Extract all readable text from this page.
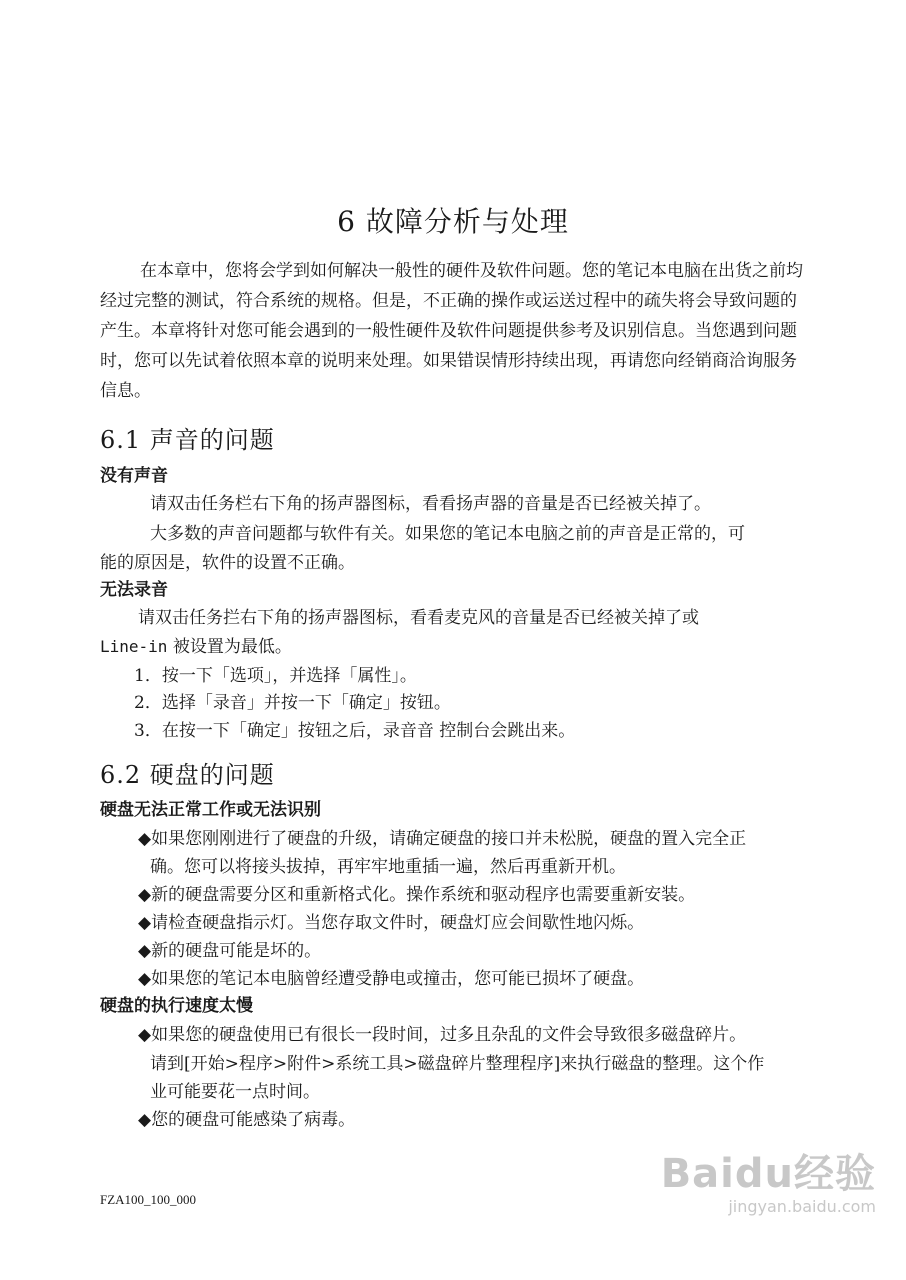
6 故障分析与处理
在本章中，您将会学到如何解决一般性的硬件及软件问题。您的笔记本电脑在出货之前均经过完整的测试，符合系统的规格。但是，不正确的操作或运送过程中的疏失将会导致问题的产生。本章将针对您可能会遇到的一般性硬件及软件问题提供参考及识别信息。当您遇到问题时，您可以先试着依照本章的说明来处理。如果错误情形持续出现，再请您向经销商洽询服务信息。
6.1 声音的问题
没有声音
请双击任务栏右下角的扬声器图标，看看扬声器的音量是否已经被关掉了。
大多数的声音问题都与软件有关。如果您的笔记本电脑之前的声音是正常的，可
能的原因是，软件的设置不正确。
无法录音
请双击任务拦右下角的扬声器图标，看看麦克风的音量是否已经被关掉了或
Line-in 被设置为最低。
1．按一下「选项」，并选择「属性」。
2．选择「录音」并按一下「确定」按钮。
3．在按一下「确定」按钮之后，录音音 控制台会跳出来。
6.2 硬盘的问题
硬盘无法正常工作或无法识别
◆如果您刚刚进行了硬盘的升级，请确定硬盘的接口并未松脱，硬盘的置入完全正
确。您可以将接头拔掉，再牢牢地重插一遍，然后再重新开机。
◆新的硬盘需要分区和重新格式化。操作系统和驱动程序也需要重新安装。
◆请检查硬盘指示灯。当您存取文件时，硬盘灯应会间歇性地闪烁。
◆新的硬盘可能是坏的。
◆如果您的笔记本电脑曾经遭受静电或撞击，您可能已损坏了硬盘。
硬盘的执行速度太慢
◆如果您的硬盘使用已有很长一段时间，过多且杂乱的文件会导致很多磁盘碎片。
请到[开始>程序>附件>系统工具>磁盘碎片整理程序]来执行磁盘的整理。这个作
业可能要花一点时间。
◆您的硬盘可能感染了病毒。
FZA100_100_000
Baidu经验
jingyan.baidu.com
